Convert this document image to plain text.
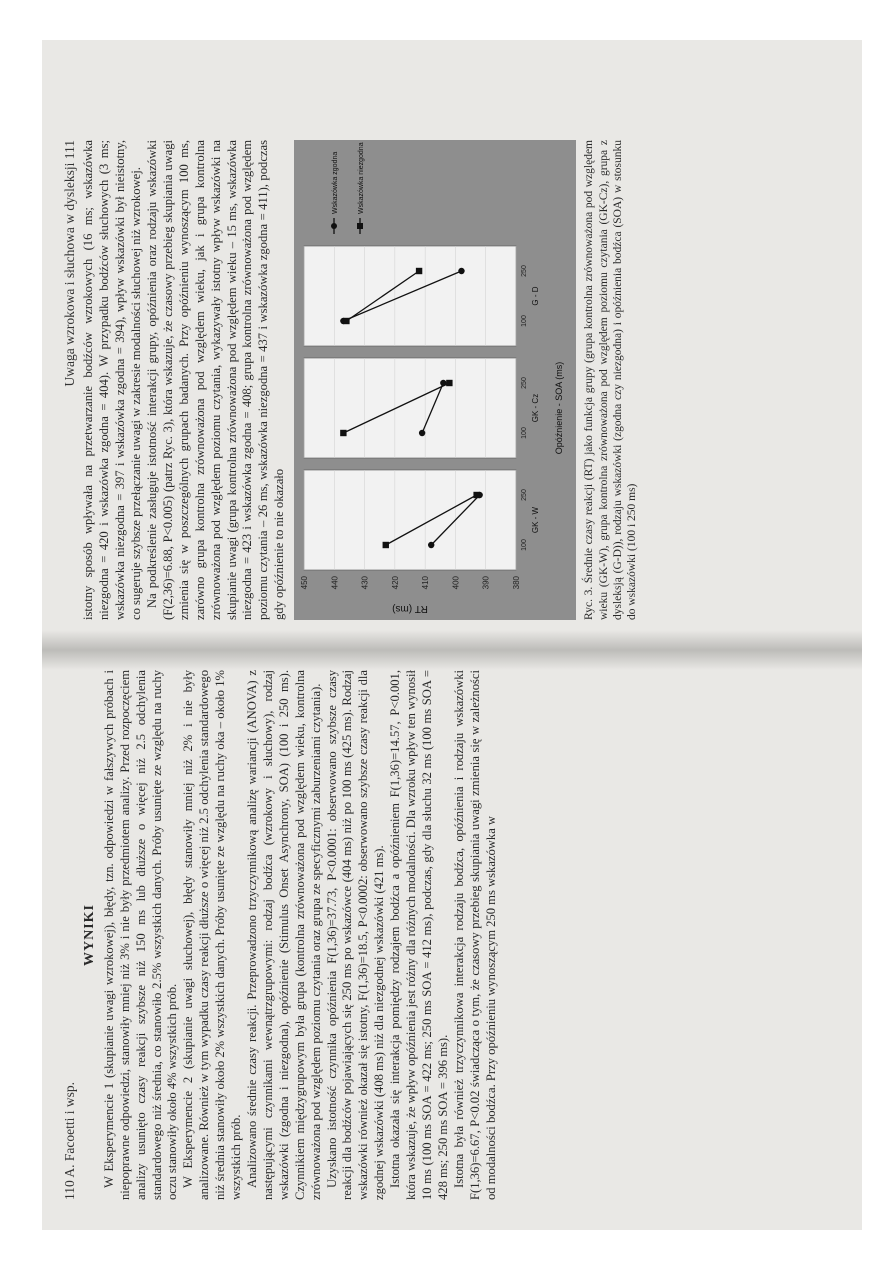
110 A. Facoetti i wsp.
WYNIKI W Eksperymencie 1 (skupianie uwagi wzrokowej), błędy, tzn. odpowiedzi w fałszywych próbach i niepoprawne odpowiedzi, stanowiły mniej niż 3% i nie były przedmiotem analizy. Przed rozpoczęciem analizy usunięto czasy reakcji szybsze niż 150 ms lub dłuższe o więcej niż 2.5 odchylenia standardowego niż średnia, co stanowiło 2.5% wszystkich danych. Próby usunięte ze względu na ruchy oczu stanowiły około 4% wszystkich prób. W Eksperymencie 2 (skupianie uwagi słuchowej), błędy stanowiły mniej niż 2% i nie były analizowane. Również w tym wypadku czasy reakcji dłuższe o więcej niż 2.5 odchylenia standardowego niż średnia stanowiły około 2% wszystkich danych. Próby usunięte ze względu na ruchy oka – około 1% wszystkich prób. Analizowano średnie czasy reakcji. Przeprowadzono trzyczynnikową analizę wariancji (ANOVA) z następującymi czynnikami wewnątrzgrupowymi: rodzaj bodźca (wzrokowy i słuchowy), rodzaj wskazówki (zgodna i niezgodna), opóźnienie (Stimulus Onset Asynchrony, SOA) (100 i 250 ms). Czynnikiem międzygrupowym była grupa (kontrolna zrównoważona pod względem wieku, kontrolna zrównoważona pod względem poziomu czytania oraz grupa ze specyficznymi zaburzeniami czytania). Uzyskano istotność czynnika opóźnienia F(1,36)=37.73, P<0.0001: obserwowano szybsze czasy reakcji dla bodźców pojawiających się 250 ms po wskazówce (404 ms) niż po 100 ms (425 ms). Rodzaj wskazówki również okazał się istotny, F(1,36)=18.5, P<0.0002: obserwowano szybsze czasy reakcji dla zgodnej wskazówki (408 ms) niż dla niezgodnej wskazówki (421 ms). Istotna okazała się interakcja pomiędzy rodzajem bodźca a opóźnieniem F(1,36)=14.57, P<0.001, która wskazuje, że wpływ opóźnienia jest różny dla różnych modalności. Dla wzroku wpływ ten wynosił 10 ms (100 ms SOA = 422 ms; 250 ms SOA = 412 ms), podczas, gdy dla słuchu 32 ms (100 ms SOA = 428 ms; 250 ms SOA = 396 ms). Istotna była również trzyczynnikowa interakcja rodzaju bodźca, opóźnienia i rodzaju wskazówki F(1,36)=6.67, P<0.02 świadcząca o tym, że czasowy przebieg skupiania uwagi zmienia się w zależności od modalności bodźca. Przy opóźnieniu wynoszącym 250 ms wskazówka w

Uwaga wzrokowa i słuchowa w dysleksji 111 istotny sposób wpływała na przetwarzanie bodźców wzrokowych (16 ms; wskazówka niezgodna = 420 i wskazówka zgodna = 404). W przypadku bodźców słuchowych (3 ms; wskazówka niezgodna = 397 i wskazówka zgodna = 394), wpływ wskazówki był nieistotny, co sugeruje szybsze przełączanie uwagi w zakresie modalności słuchowej niż wzrokowej. Na podkreślenie zasługuje istotność interakcji grupy, opóźnienia oraz rodzaju wskazówki (F(2,36)=6.88, P<0.005) (patrz Ryc. 3), która wskazuje, że czasowy przebieg skupiania uwagi zmienia się w poszczególnych grupach badanych. Przy opóźnieniu wynoszącym 100 ms, zarówno grupa kontrolna zrównoważona pod względem wieku, jak i grupa kontrolna zrównoważona pod względem poziomu czytania, wykazywały istotny wpływ wskazówki na skupianie uwagi (grupa kontrolna zrównoważona pod względem wieku – 15 ms, wskazówka niezgodna = 423 i wskazówka zgodna = 408; grupa kontrolna zrównoważona pod względem poziomu czytania – 26 ms, wskazówka niezgodna = 437 i wskazówka zgodna = 411), podczas gdy opóźnienie to nie okazało 450	440	430	420	410	400	390	380
RT (ms)
100
250
GK - W
100
250
GK - Cz
100
250
G - D
Opóźnienie - SOA (ms)
Wskazówka zgodna	Wskazówka niezgodna	Ryc. 3. Średnie czasy reakcji (RT) jako funkcja grupy (grupa kontrolna zrównoważona pod względem wieku (GK-W), grupa kontrolna zrównoważona pod względem poziomu czytania (GK-Cz), grupa z dysleksją (G-D)), rodzaju wskazówki (zgodna czy niezgodna) i opóźnienia bodźca (SOA) w stosunku do wskazówki (100 i 250 ms)
